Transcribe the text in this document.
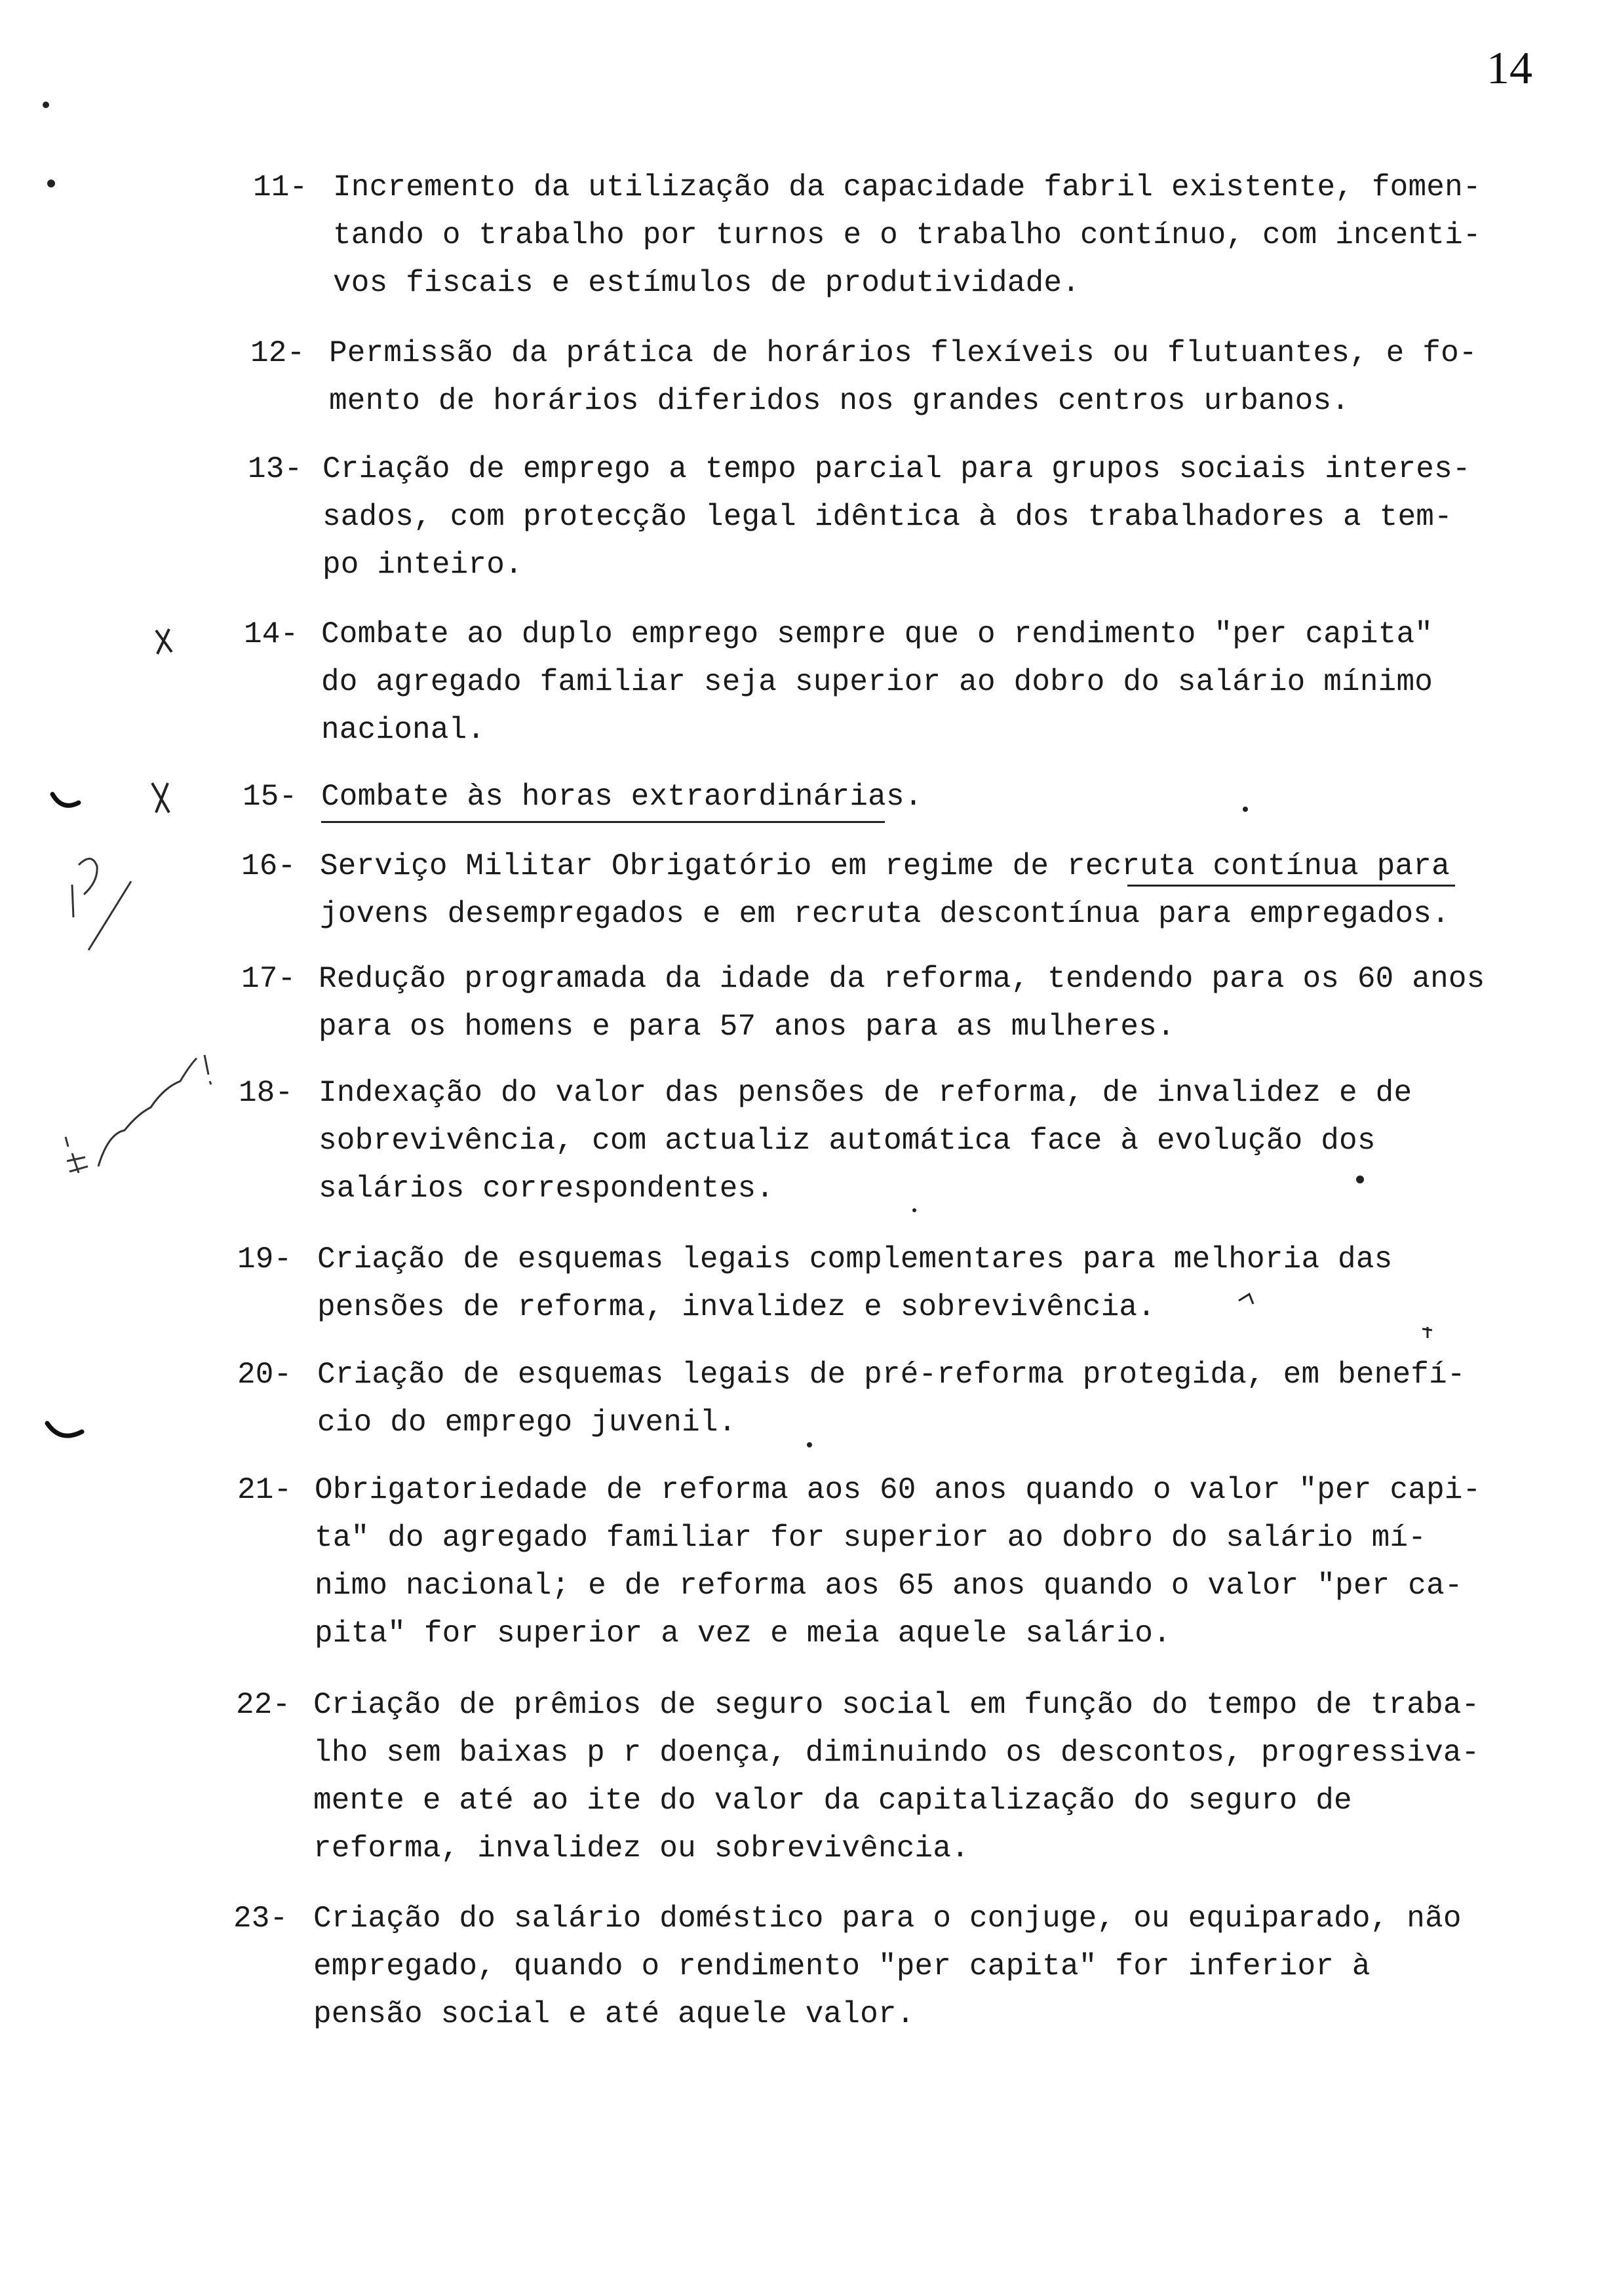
14
11- Incremento da utilização da capacidade fabril existente, fomen-
tando o trabalho por turnos e o trabalho contínuo, com incenti-
vos fiscais e estímulos de produtividade.
12- Permissão da prática de horários flexíveis ou flutuantes, e fo-
mento de horários diferidos nos grandes centros urbanos.
13- Criação de emprego a tempo parcial para grupos sociais interes-
sados, com protecção legal idêntica à dos trabalhadores a tem-
po inteiro.
14- Combate ao duplo emprego sempre que o rendimento "per capita"
do agregado familiar seja superior ao dobro do salário mínimo
nacional.
15- Combate às horas extraordinárias.
16- Serviço Militar Obrigatório em regime de recruta contínua para
jovens desempregados e em recruta descontínua para empregados.
17- Redução programada da idade da reforma, tendendo para os 60 anos
para os homens e para 57 anos para as mulheres.
18- Indexação do valor das pensões de reforma, de invalidez e de
sobrevivência, com actualiz automática face à evolução dos
salários correspondentes.
19- Criação de esquemas legais complementares para melhoria das
pensões de reforma, invalidez e sobrevivência.
20- Criação de esquemas legais de pré-reforma protegida, em benefí-
cio do emprego juvenil.
21- Obrigatoriedade de reforma aos 60 anos quando o valor "per capi-
ta" do agregado familiar for superior ao dobro do salário mí-
nimo nacional; e de reforma aos 65 anos quando o valor "per ca-
pita" for superior a vez e meia aquele salário.
22- Criação de prêmios de seguro social em função do tempo de traba-
lho sem baixas p r doença, diminuindo os descontos, progressiva-
mente e até ao ite do valor da capitalização do seguro de
reforma, invalidez ou sobrevivência.
23- Criação do salário doméstico para o conjuge, ou equiparado, não
empregado, quando o rendimento "per capita" for inferior à
pensão social e até aquele valor.
